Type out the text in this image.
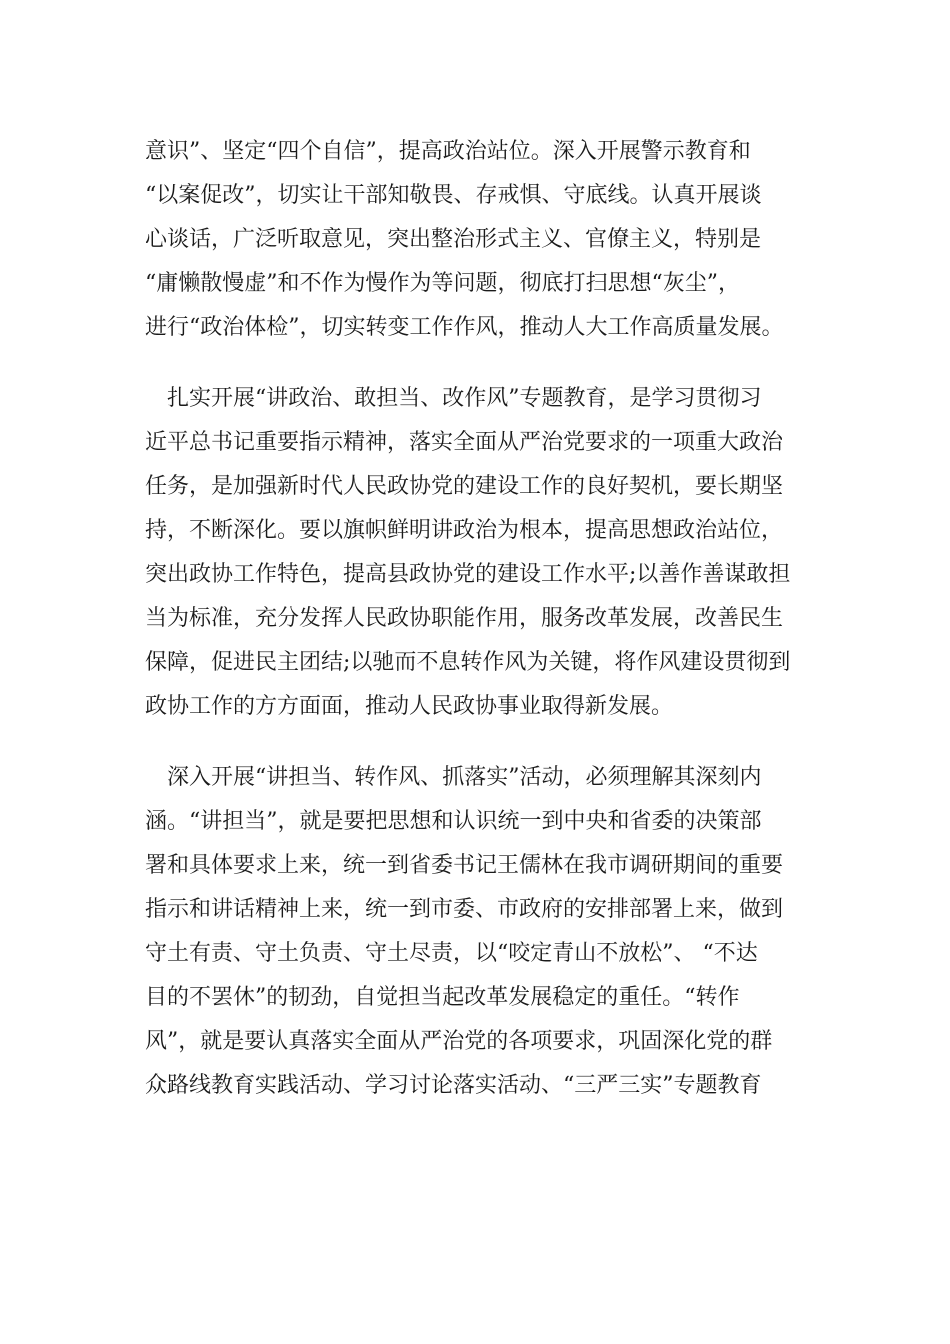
意识”、坚定“四个自信”，提高政治站位。深入开展警示教育和
“以案促改”，切实让干部知敬畏、存戒惧、守底线。认真开展谈
心谈话，广泛听取意见，突出整治形式主义、官僚主义，特别是
“庸懒散慢虚”和不作为慢作为等问题，彻底打扫思想“灰尘”，
进行“政治体检”，切实转变工作作风，推动人大工作高质量发展。
　扎实开展“讲政治、敢担当、改作风”专题教育，是学习贯彻习
近平总书记重要指示精神，落实全面从严治党要求的一项重大政治
任务，是加强新时代人民政协党的建设工作的良好契机，要长期坚
持，不断深化。要以旗帜鲜明讲政治为根本，提高思想政治站位，
突出政协工作特色，提高县政协党的建设工作水平;以善作善谋敢担
当为标准，充分发挥人民政协职能作用，服务改革发展，改善民生
保障，促进民主团结;以驰而不息转作风为关键，将作风建设贯彻到
政协工作的方方面面，推动人民政协事业取得新发展。
　深入开展“讲担当、转作风、抓落实”活动，必须理解其深刻内
涵。“讲担当”，就是要把思想和认识统一到中央和省委的决策部
署和具体要求上来，统一到省委书记王儒林在我市调研期间的重要
指示和讲话精神上来，统一到市委、市政府的安排部署上来，做到
守土有责、守土负责、守土尽责，以“咬定青山不放松”、 “不达
目的不罢休”的韧劲，自觉担当起改革发展稳定的重任。“转作
风”，就是要认真落实全面从严治党的各项要求，巩固深化党的群
众路线教育实践活动、学习讨论落实活动、“三严三实”专题教育
